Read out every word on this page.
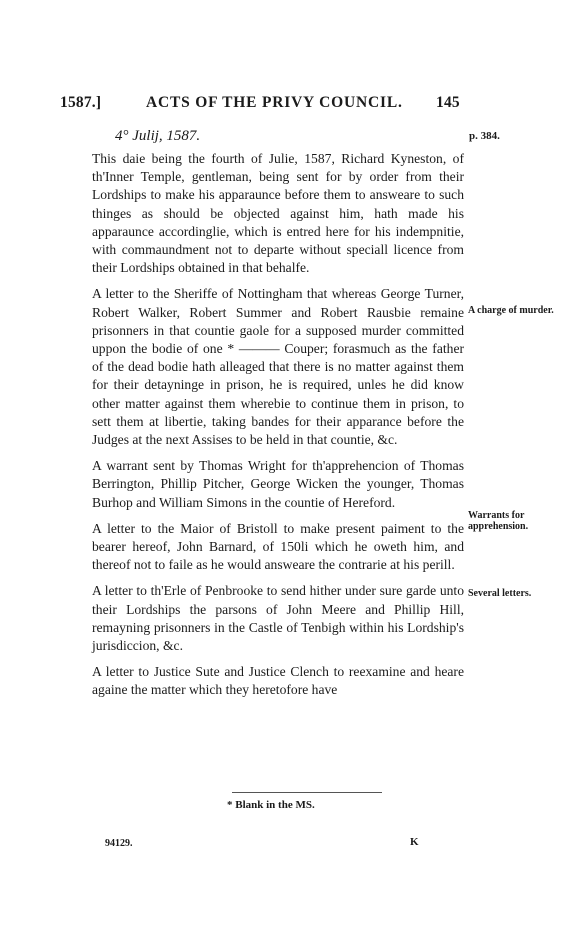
1587.]	ACTS OF THE PRIVY COUNCIL. 145
4° Julij, 1587.	p. 384.

This daie being the fourth of Julie, 1587, Richard Kyneston, of th'Inner Temple, gentleman, being sent for by order from their Lordships to make his apparaunce before them to answeare to such thinges as should be objected against him, hath made his apparaunce accordinglie, which is entred here for his indempnitie, with commaundment not to departe without speciall licence from their Lordships obtained in that behalfe.

A letter to the Sheriffe of Nottingham that whereas George Turner, Robert Walker, Robert Summer and Robert Rausbie remaine prisonners in that countie gaole for a supposed murder committed uppon the bodie of one * ——— Couper; forasmuch as the father of the dead bodie hath alleaged that there is no matter against them for their detayninge in prison, he is required, unles he did know other matter against them wherebie to continue them in prison, to sett them at libertie, taking bandes for their apparance before the Judges at the next Assises to be held in that countie, &c.

A warrant sent by Thomas Wright for th'apprehencion of Thomas Berrington, Phillip Pitcher, George Wicken the younger, Thomas Burhop and William Simons in the countie of Hereford.

A letter to the Maior of Bristoll to make present paiment to the bearer hereof, John Barnard, of 150li which he oweth him, and thereof not to faile as he would answeare the contrarie at his perill.

A letter to th'Erle of Penbrooke to send hither under sure garde unto their Lordships the parsons of John Meere and Phillip Hill, remayning prisonners in the Castle of Tenbigh within his Lordship's jurisdiccion, &c.

A letter to Justice Sute and Justice Clench to reexamine and heare againe the matter which they heretofore have

A charge of murder.
Warrants for apprehension.
Several letters.
* Blank in the MS.
94129.	K
